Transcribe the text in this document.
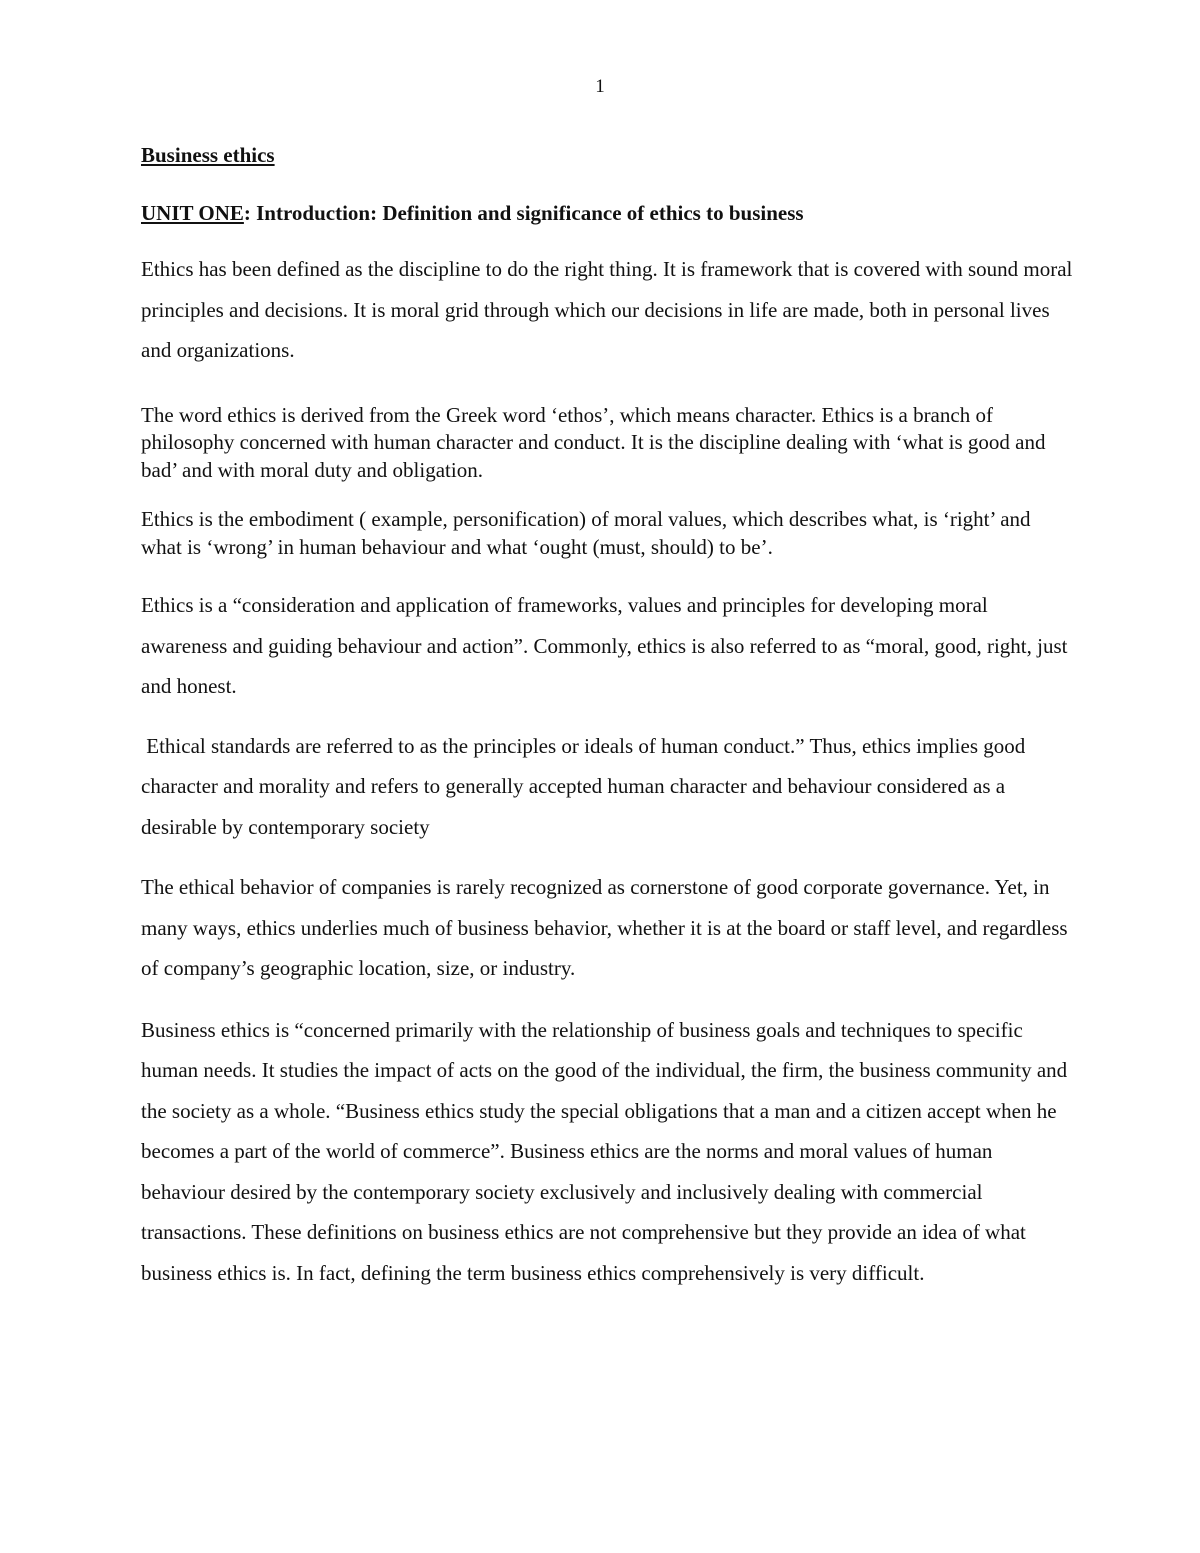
1
Business ethics
UNIT ONE: Introduction: Definition and significance of ethics to business

Ethics has been defined as the discipline to do the right thing. It is framework that is covered with sound moral principles and decisions. It is moral grid through which our decisions in life are made, both in personal lives and organizations.

The word ethics is derived from the Greek word ‘ethos’, which means character. Ethics is a branch of philosophy concerned with human character and conduct. It is the discipline dealing with ‘what is good and bad’ and with moral duty and obligation.

Ethics is the embodiment ( example, personification) of moral values, which describes what, is ‘right’ and what is ‘wrong’ in human behaviour and what ‘ought (must, should) to be’.

Ethics is a “consideration and application of frameworks, values and principles for developing moral awareness and guiding behaviour and action”. Commonly, ethics is also referred to as “moral, good, right, just and honest.

Ethical standards are referred to as the principles or ideals of human conduct.” Thus, ethics implies good character and morality and refers to generally accepted human character and behaviour considered as a desirable by contemporary society

The ethical behavior of companies is rarely recognized as cornerstone of good corporate governance. Yet, in many ways, ethics underlies much of business behavior, whether it is at the board or staff level, and regardless of company’s geographic location, size, or industry.

Business ethics is “concerned primarily with the relationship of business goals and techniques to specific human needs. It studies the impact of acts on the good of the individual, the firm, the business community and the society as a whole. “Business ethics study the special obligations that a man and a citizen accept when he becomes a part of the world of commerce”. Business ethics are the norms and moral values of human behaviour desired by the contemporary society exclusively and inclusively dealing with commercial transactions. These definitions on business ethics are not comprehensive but they provide an idea of what business ethics is. In fact, defining the term business ethics comprehensively is very difficult.
